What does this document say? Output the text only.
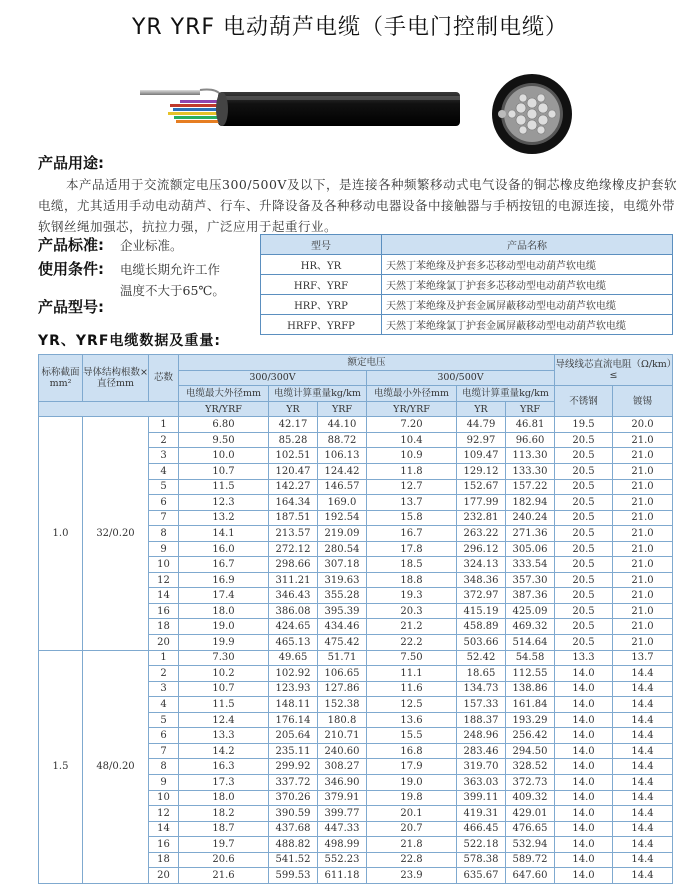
YR YRF 电动葫芦电缆（手电门控制电缆）
产品用途:
本产品适用于交流额定电压300/500V及以下，是连接各种频繁移动式电气设备的铜芯橡皮绝缘橡皮护套软电缆，尤其适用手动电动葫芦、行车、升降设备及各种移动电器设备中接触器与手柄按钮的电源连接，电缆外带软钢丝绳加强芯，抗拉力强，广泛应用于起重行业。
产品标准: 企业标准。
使用条件: 电缆长期允许工作
温度不大于65℃。
产品型号:
型号	产品名称
HR、YR	天然丁苯绝缘及护套多芯移动型电动葫芦软电缆
HRF、YRF	天然丁苯绝缘氯丁护套多芯移动型电动葫芦软电缆
HRP、YRP	天然丁苯绝缘及护套金属屏蔽移动型电动葫芦软电缆
HRFP、YRFP	天然丁苯绝缘氯丁护套金属屏蔽移动型电动葫芦软电缆
YR、YRF电缆数据及重量:
标称截面mm²	导体结构根数×直径mm	芯数	额定电压						导线线芯直流电阻（Ω/km）≤	
			300/300V			300/500V				
			电缆最大外径mm	电缆计算重量kg/km		电缆最小外径mm	电缆计算重量kg/km		不锈钢	镀锡
			YR/YRF	YR	YRF	YR/YRF	YR	YRF		
1.0	32/0.20	1	6.80	42.17	44.10	7.20	44.79	46.81	19.5	20.0
		2	9.50	85.28	88.72	10.4	92.97	96.60	20.5	21.0
		3	10.0	102.51	106.13	10.9	109.47	113.30	20.5	21.0
		4	10.7	120.47	124.42	11.8	129.12	133.30	20.5	21.0
		5	11.5	142.27	146.57	12.7	152.67	157.22	20.5	21.0
		6	12.3	164.34	169.0	13.7	177.99	182.94	20.5	21.0
		7	13.2	187.51	192.54	15.8	232.81	240.24	20.5	21.0
		8	14.1	213.57	219.09	16.7	263.22	271.36	20.5	21.0
		9	16.0	272.12	280.54	17.8	296.12	305.06	20.5	21.0
		10	16.7	298.66	307.18	18.5	324.13	333.54	20.5	21.0
		12	16.9	311.21	319.63	18.8	348.36	357.30	20.5	21.0
		14	17.4	346.43	355.28	19.3	372.97	387.36	20.5	21.0
		16	18.0	386.08	395.39	20.3	415.19	425.09	20.5	21.0
		18	19.0	424.65	434.46	21.2	458.89	469.32	20.5	21.0
		20	19.9	465.13	475.42	22.2	503.66	514.64	20.5	21.0
1.5	48/0.20	1	7.30	49.65	51.71	7.50	52.42	54.58	13.3	13.7
		2	10.2	102.92	106.65	11.1	18.65	112.55	14.0	14.4
		3	10.7	123.93	127.86	11.6	134.73	138.86	14.0	14.4
		4	11.5	148.11	152.38	12.5	157.33	161.84	14.0	14.4
		5	12.4	176.14	180.8	13.6	188.37	193.29	14.0	14.4
		6	13.3	205.64	210.71	15.5	248.96	256.42	14.0	14.4
		7	14.2	235.11	240.60	16.8	283.46	294.50	14.0	14.4
		8	16.3	299.92	308.27	17.9	319.70	328.52	14.0	14.4
		9	17.3	337.72	346.90	19.0	363.03	372.73	14.0	14.4
		10	18.0	370.26	379.91	19.8	399.11	409.32	14.0	14.4
		12	18.2	390.59	399.77	20.1	419.31	429.01	14.0	14.4
		14	18.7	437.68	447.33	20.7	466.45	476.65	14.0	14.4
		16	19.7	488.82	498.99	21.8	522.18	532.94	14.0	14.4
		18	20.6	541.52	552.23	22.8	578.38	589.72	14.0	14.4
		20	21.6	599.53	611.18	23.9	635.67	647.60	14.0	14.4
